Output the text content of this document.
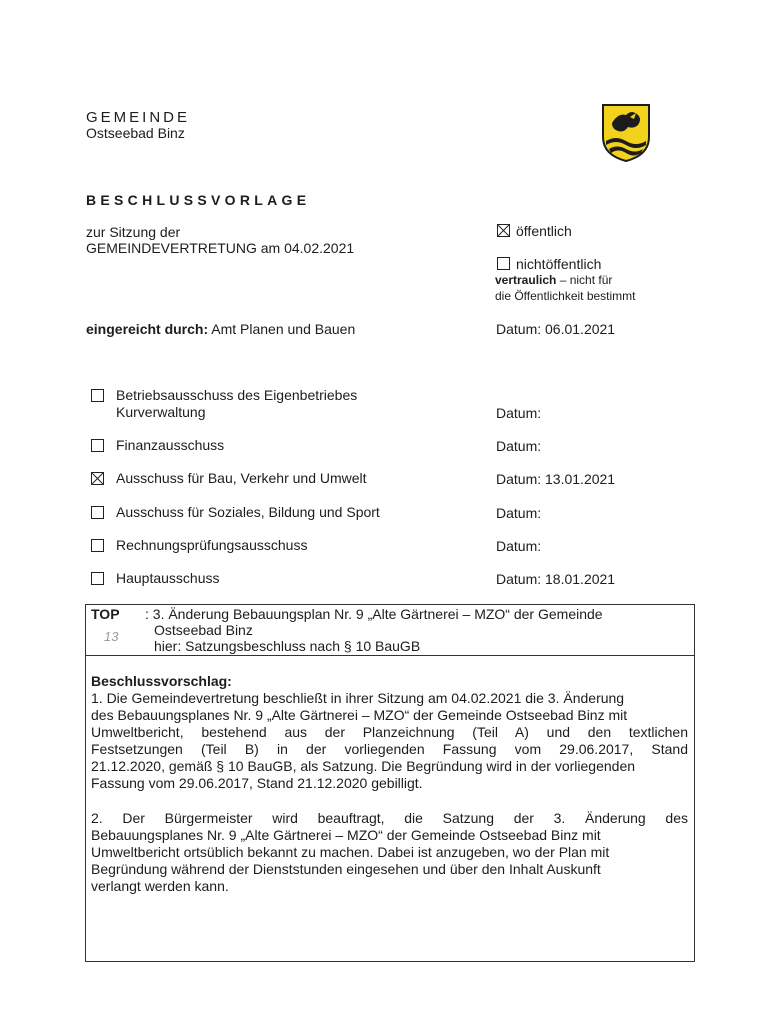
GEMEINDE
Ostseebad Binz
BESCHLUSSVORLAGE
zur Sitzung der
GEMEINDEVERTRETUNG am 04.02.2021
öffentlich
nichtöffentlich
vertraulich – nicht für
die Öffentlichkeit bestimmt
eingereicht durch: Amt Planen und Bauen	Datum: 06.01.2021
Betriebsausschuss des Eigenbetriebes
Kurverwaltung	Datum:
Finanzausschuss	Datum:
Ausschuss für Bau, Verkehr und Umwelt	Datum: 13.01.2021
Ausschuss für Soziales, Bildung und Sport	Datum:
Rechnungsprüfungsausschuss	Datum:
Hauptausschuss	Datum: 18.01.2021
TOP : 3. Änderung Bebauungsplan Nr. 9 „Alte Gärtnerei – MZO“ der Gemeinde
Ostseebad Binz
hier: Satzungsbeschluss nach § 10 BauGB
13
Beschlussvorschlag:
1. Die Gemeindevertretung beschließt in ihrer Sitzung am 04.02.2021 die 3. Änderung
des Bebauungsplanes Nr. 9 „Alte Gärtnerei – MZO“ der Gemeinde Ostseebad Binz mit
Umweltbericht, bestehend aus der Planzeichnung (Teil A) und den textlichen
Festsetzungen (Teil B) in der vorliegenden Fassung vom 29.06.2017, Stand
21.12.2020, gemäß § 10 BauGB, als Satzung. Die Begründung wird in der vorliegenden
Fassung vom 29.06.2017, Stand 21.12.2020 gebilligt.
2. Der Bürgermeister wird beauftragt, die Satzung der 3. Änderung des
Bebauungsplanes Nr. 9 „Alte Gärtnerei – MZO“ der Gemeinde Ostseebad Binz mit
Umweltbericht ortsüblich bekannt zu machen. Dabei ist anzugeben, wo der Plan mit
Begründung während der Dienststunden eingesehen und über den Inhalt Auskunft
verlangt werden kann.
